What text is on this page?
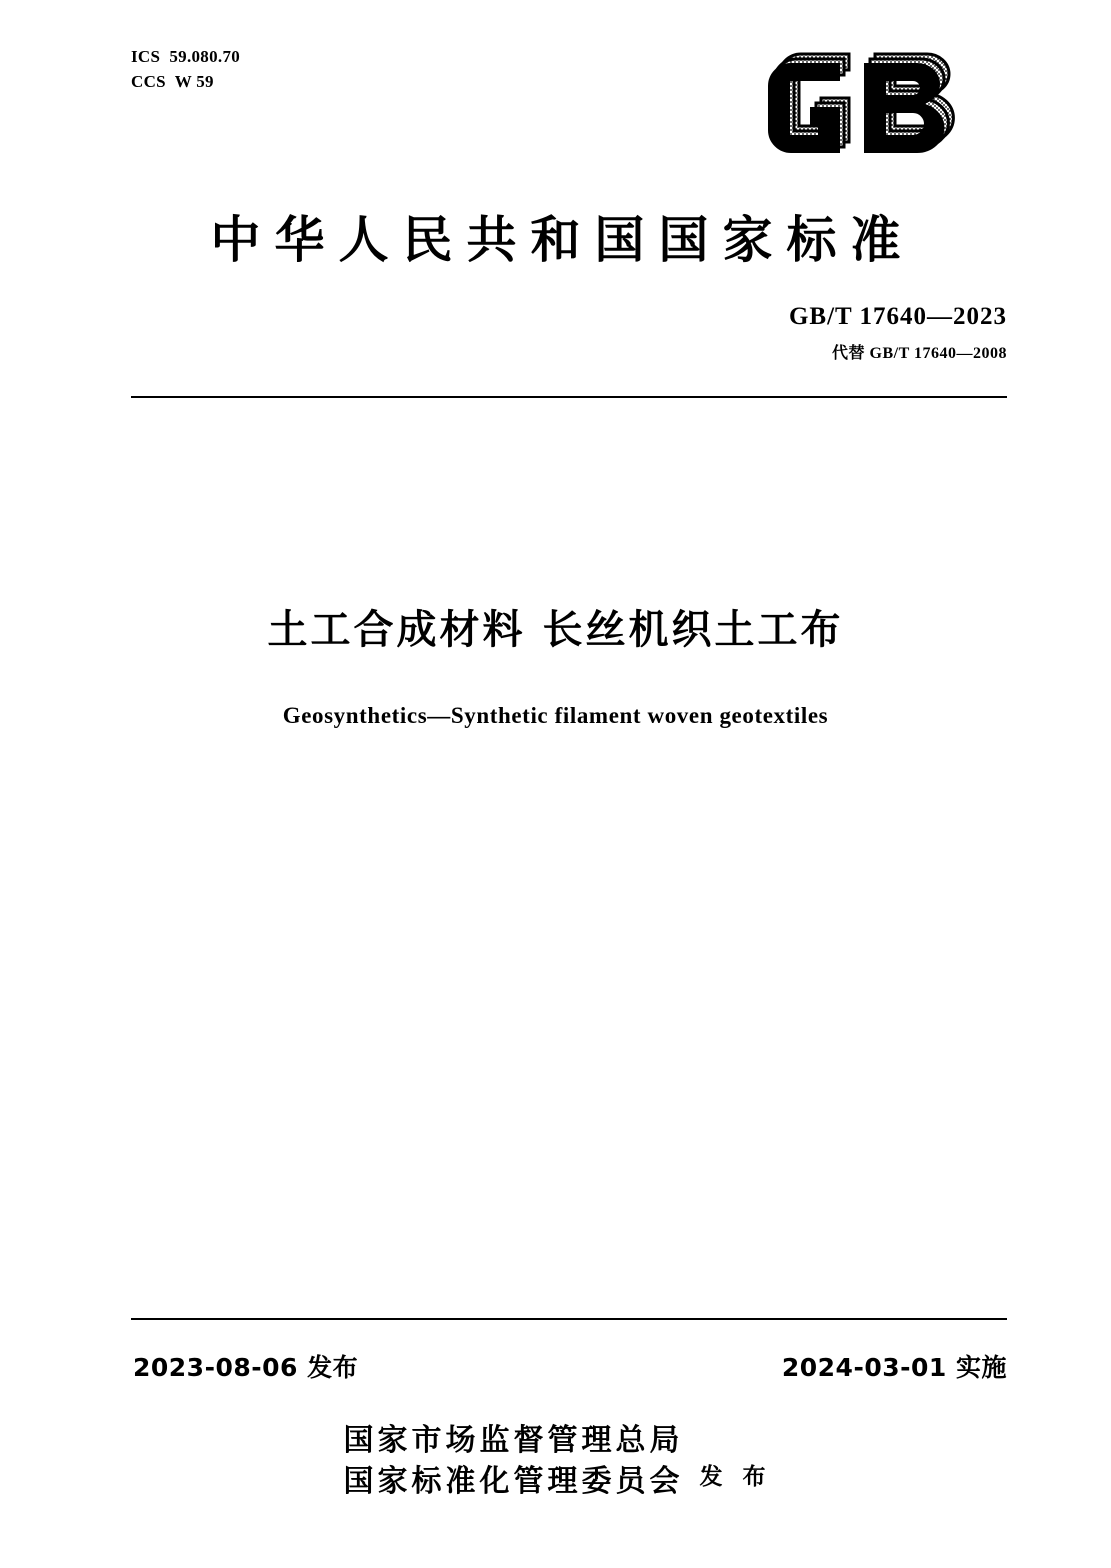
ICS  59.080.70
CCS  W 59
中华人民共和国国家标准
GB/T 17640—2023
代替 GB/T 17640—2008
土工合成材料 长丝机织土工布
Geosynthetics—Synthetic filament woven geotextiles
2023-08-06 发布	2024-03-01 实施
国家市场监督管理总局
国家标准化管理委员会 发 布
